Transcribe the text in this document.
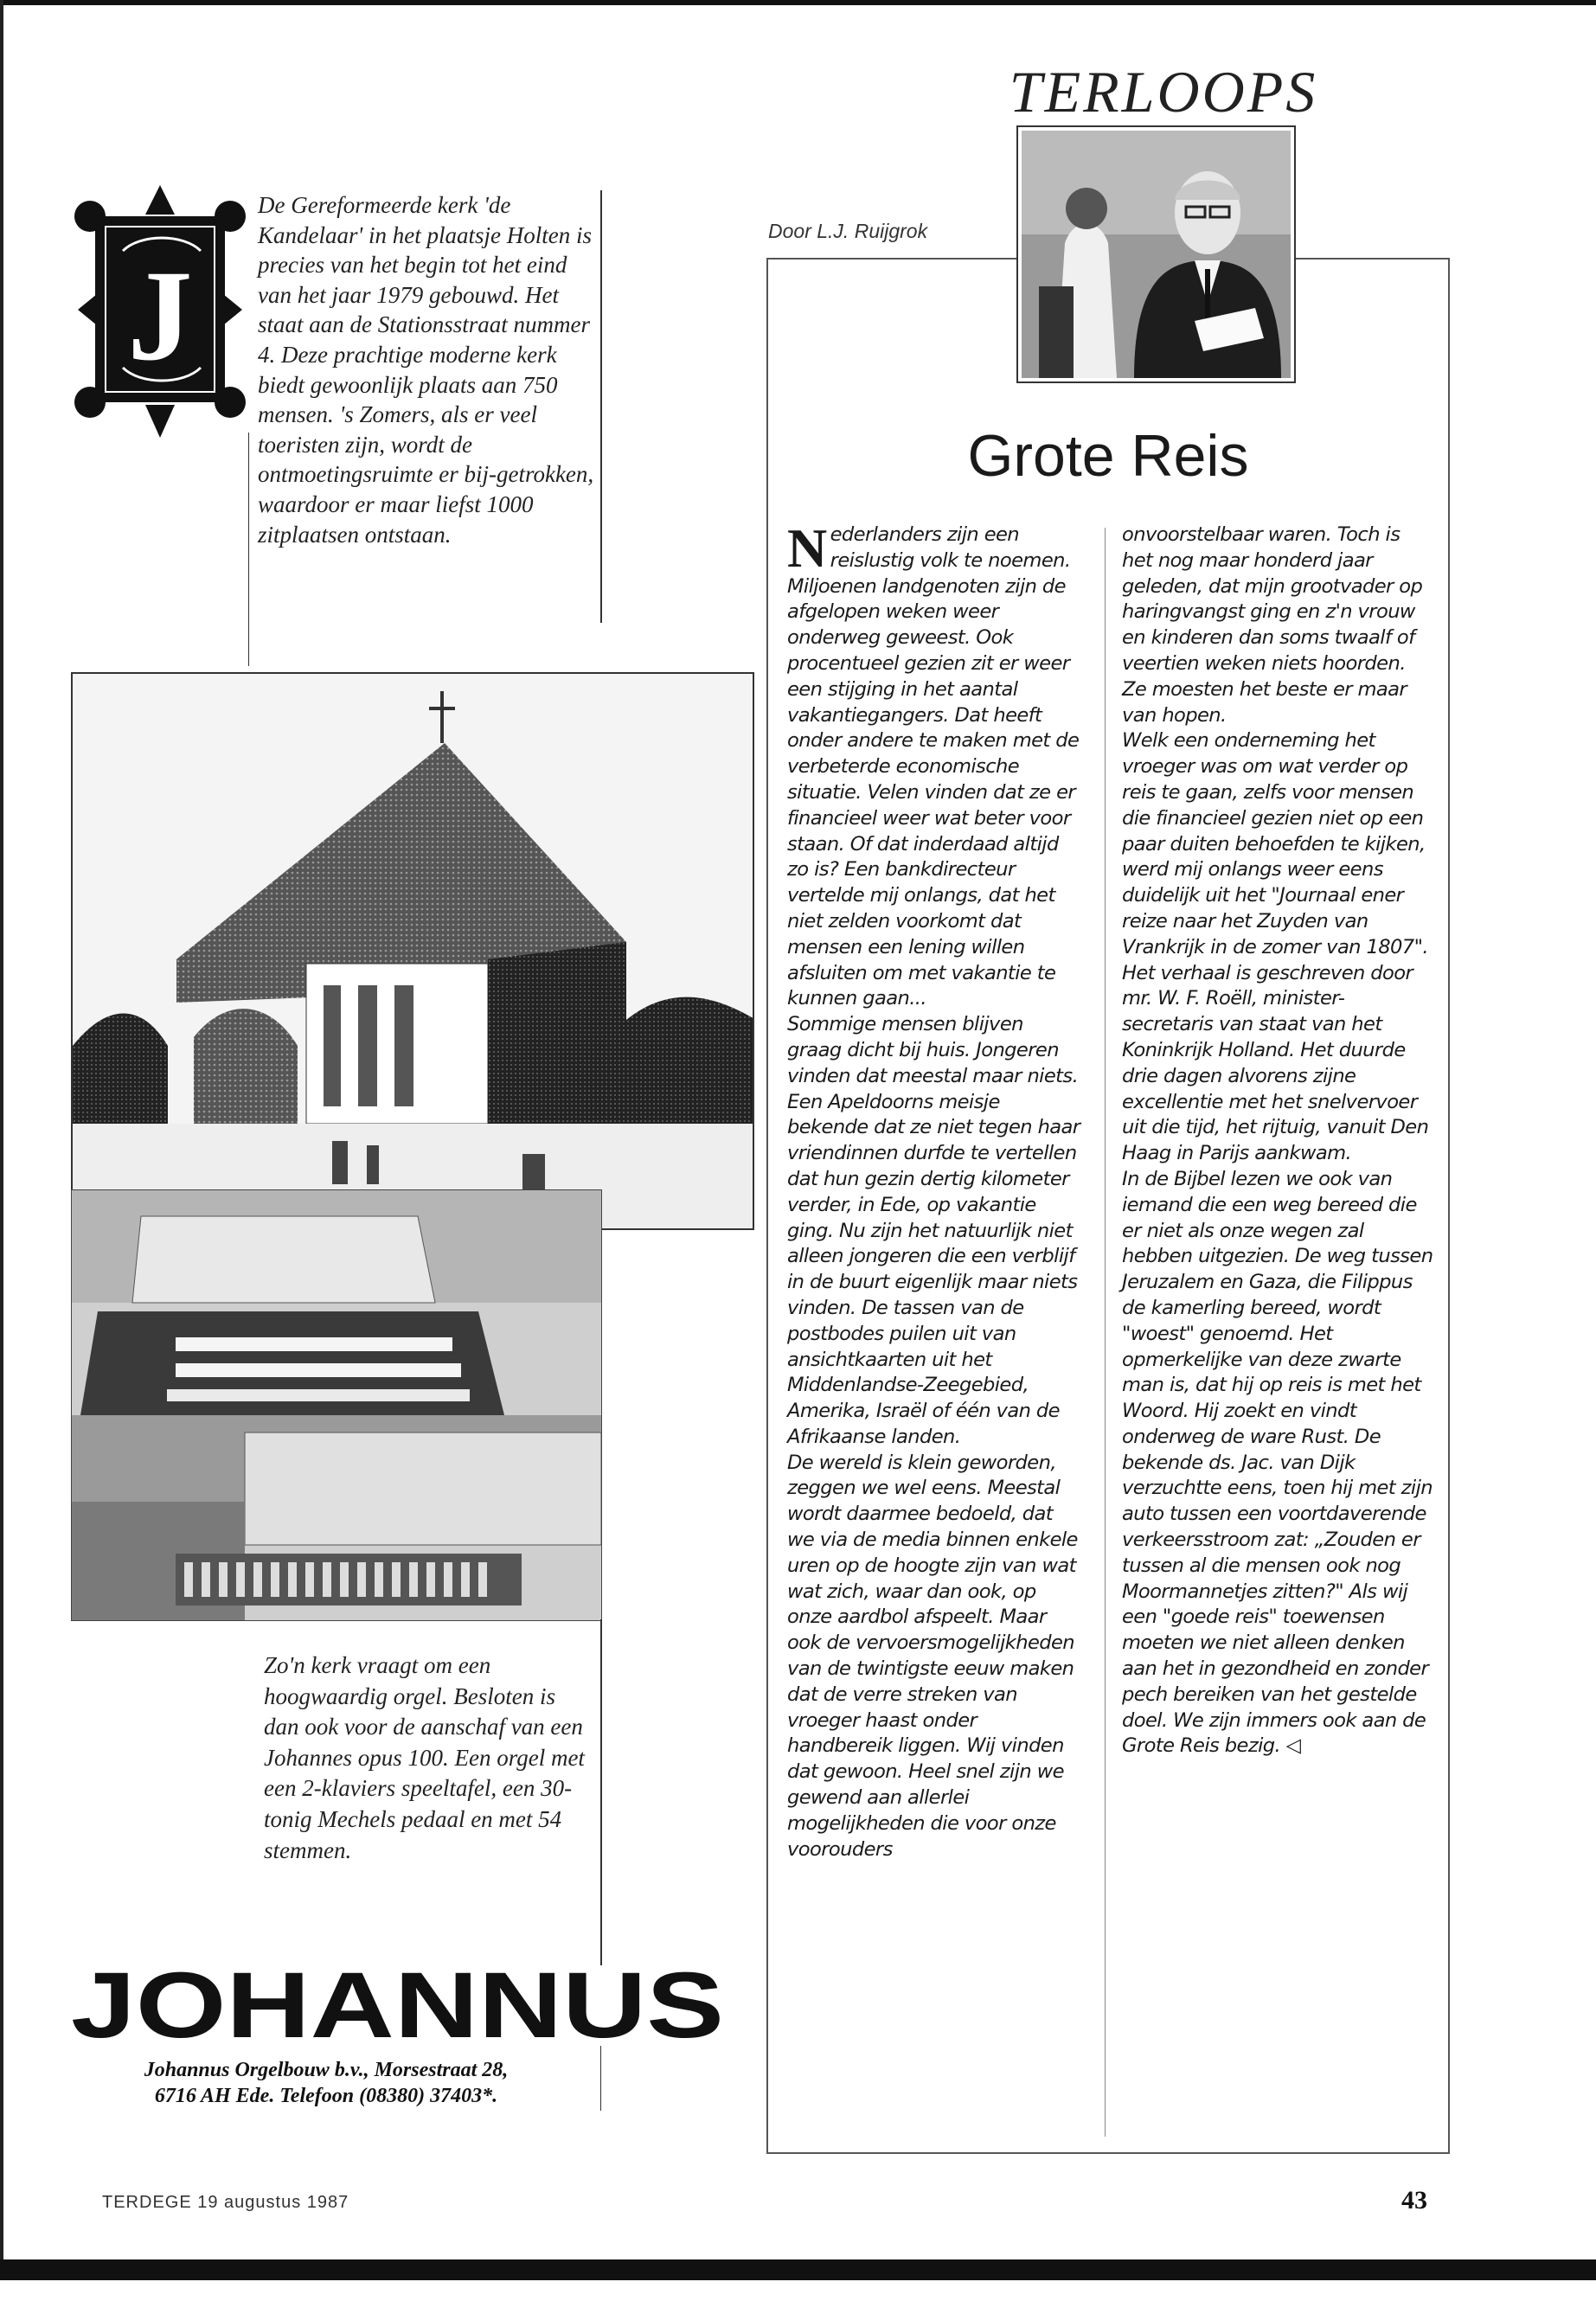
J
De Gereformeerde kerk 'de Kandelaar' in het plaatsje Holten is precies van het begin tot het eind van het jaar 1979 gebouwd. Het staat aan de Stationsstraat nummer 4. Deze prachtige moderne kerk biedt gewoonlijk plaats aan 750 mensen. 's Zomers, als er veel toeristen zijn, wordt de ontmoetingsruimte er bij-getrokken, waardoor er maar liefst 1000 zitplaatsen ontstaan.
Zo'n kerk vraagt om een hoogwaardig orgel. Besloten is dan ook voor de aanschaf van een Johannes opus 100. Een orgel met een 2-klaviers speeltafel, een 30-tonig Mechels pedaal en met 54 stemmen.
JOHANNUS
Johannus Orgelbouw b.v., Morsestraat 28,
6716 AH Ede. Telefoon (08380) 37403*.
TERLOOPS
Door L.J. Ruijgrok
Grote Reis

Nederlanders zijn een reislustig volk te noemen. Miljoenen landgenoten zijn de afgelopen weken weer onderweg geweest. Ook procentueel gezien zit er weer een stijging in het aantal vakantiegangers. Dat heeft onder andere te maken met de verbeterde economische situatie. Velen vinden dat ze er financieel weer wat beter voor staan. Of dat inderdaad altijd zo is? Een bankdirecteur vertelde mij onlangs, dat het niet zelden voorkomt dat mensen een lening willen afsluiten om met vakantie te kunnen gaan...

Sommige mensen blijven graag dicht bij huis. Jongeren vinden dat meestal maar niets. Een Apeldoorns meisje bekende dat ze niet tegen haar vriendinnen durfde te vertellen dat hun gezin dertig kilometer verder, in Ede, op vakantie ging. Nu zijn het natuurlijk niet alleen jongeren die een verblijf in de buurt eigenlijk maar niets vinden. De tassen van de postbodes puilen uit van ansichtkaarten uit het Middenlandse-Zeegebied, Amerika, Israël of één van de Afrikaanse landen.

De wereld is klein geworden, zeggen we wel eens. Meestal wordt daarmee bedoeld, dat we via de media binnen enkele uren op de hoogte zijn van wat wat zich, waar dan ook, op onze aardbol afspeelt. Maar ook de vervoersmogelijkheden van de twintigste eeuw maken dat de verre streken van vroeger haast onder handbereik liggen. Wij vinden dat gewoon. Heel snel zijn we gewend aan allerlei mogelijkheden die voor onze voorouders

onvoorstelbaar waren. Toch is het nog maar honderd jaar geleden, dat mijn grootvader op haringvangst ging en z'n vrouw en kinderen dan soms twaalf of veertien weken niets hoorden. Ze moesten het beste er maar van hopen.

Welk een onderneming het vroeger was om wat verder op reis te gaan, zelfs voor mensen die financieel gezien niet op een paar duiten behoefden te kijken, werd mij onlangs weer eens duidelijk uit het "Journaal ener reize naar het Zuyden van Vrankrijk in de zomer van 1807". Het verhaal is geschreven door mr. W. F. Roëll, minister-secretaris van staat van het Koninkrijk Holland. Het duurde drie dagen alvorens zijne excellentie met het snelvervoer uit die tijd, het rijtuig, vanuit Den Haag in Parijs aankwam.

In de Bijbel lezen we ook van iemand die een weg bereed die er niet als onze wegen zal hebben uitgezien. De weg tussen Jeruzalem en Gaza, die Filippus de kamerling bereed, wordt "woest" genoemd. Het opmerkelijke van deze zwarte man is, dat hij op reis is met het Woord. Hij zoekt en vindt onderweg de ware Rust. De bekende ds. Jac. van Dijk verzuchtte eens, toen hij met zijn auto tussen een voortdaverende verkeersstroom zat: „Zouden er tussen al die mensen ook nog Moormannetjes zitten?" Als wij een "goede reis" toewensen moeten we niet alleen denken aan het in gezondheid en zonder pech bereiken van het gestelde doel. We zijn immers ook aan de Grote Reis bezig. ◁

TERDEGE 19 augustus 1987	43
